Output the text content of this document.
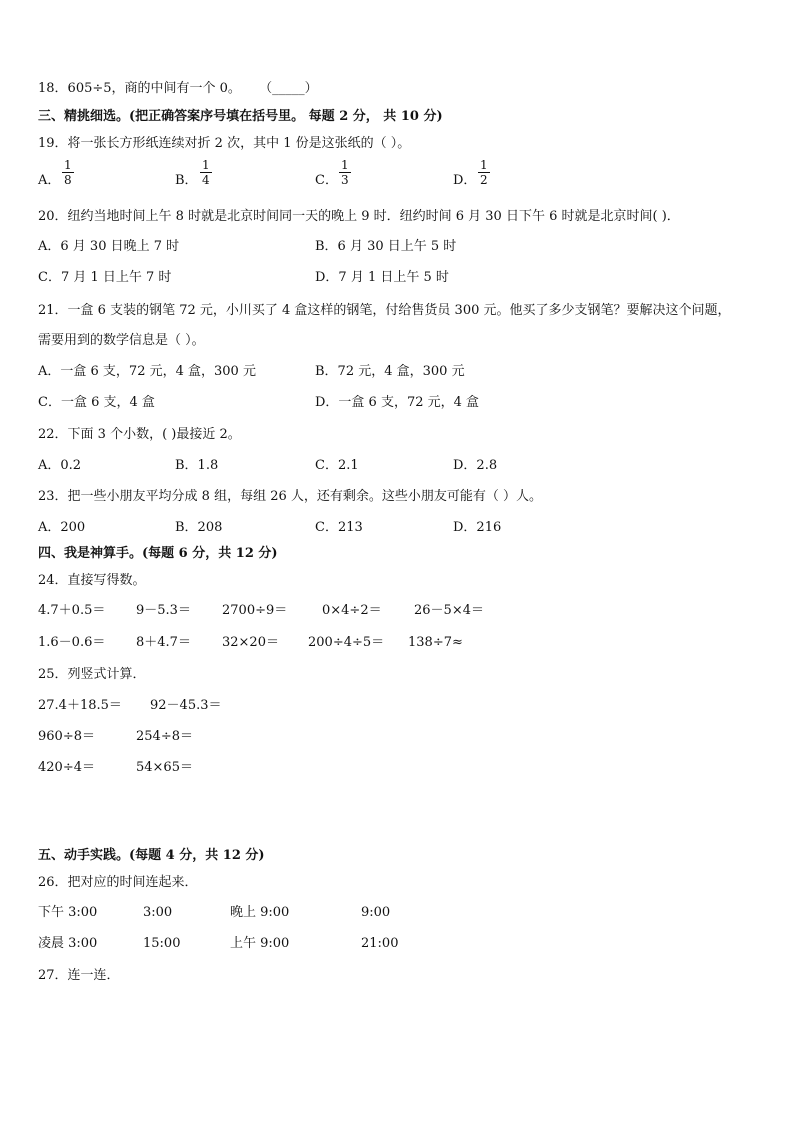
18．605÷5，商的中间有一个 0。 （_____）
三、精挑细选。(把正确答案序号填在括号里。 每题 2 分， 共 10 分)
19．将一张长方形纸连续对折 2 次，其中 1 份是这张纸的（ ）。
A． $\frac{1}{8}$	B． $\frac{1}{4}$	C． $\frac{1}{3}$	D． $\frac{1}{2}$
20．纽约当地时间上午 8 时就是北京时间同一天的晚上 9 时．纽约时间 6 月 30 日下午 6 时就是北京时间( )．
A．6 月 30 日晚上 7 时	B．6 月 30 日上午 5 时
C．7 月 1 日上午 7 时	D．7 月 1 日上午 5 时
21．一盒 6 支装的钢笔 72 元，小川买了 4 盒这样的钢笔，付给售货员 300 元。他买了多少支钢笔？要解决这个问题，
需要用到的数学信息是（ ）。
A．一盒 6 支，72 元，4 盒，300 元	B．72 元，4 盒，300 元
C．一盒 6 支，4 盒	D．一盒 6 支，72 元，4 盒
22．下面 3 个小数，( )最接近 2。
A．0.2	B．1.8	C．2.1	D．2.8
23．把一些小朋友平均分成 8 组，每组 26 人，还有剩余。这些小朋友可能有（ ）人。
A．200	B．208	C．213	D．216
四、我是神算手。(每题 6 分，共 12 分)
24．直接写得数。
4.7＋0.5＝ 9－5.3＝ 2700÷9＝	0×4÷2＝ 26－5×4＝
1.6－0.6＝ 8＋4.7＝ 32×20＝ 200÷4÷5＝ 138÷7≈
25．列竖式计算．
27.4＋18.5＝ 92－45.3＝
960÷8＝	254÷8＝
420÷4＝	54×65＝
五、动手实践。(每题 4 分，共 12 分)
26．把对应的时间连起来．
下午 3:00	3:00	晚上 9:00	9:00
凌晨 3:00	15:00	上午 9:00	21:00
27．连一连．
